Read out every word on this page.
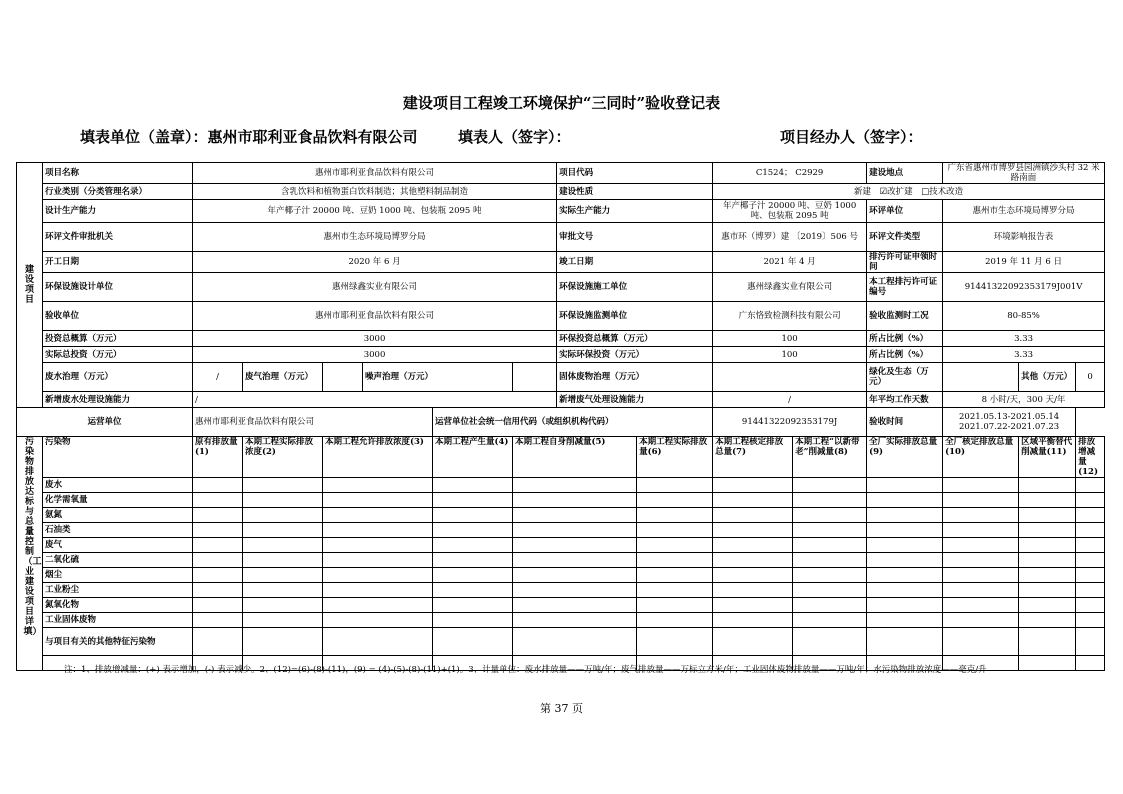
建设项目工程竣工环境保护“三同时”验收登记表
填表单位（盖章）：惠州市耶利亚食品饮料有限公司	填表人（签字）：	项目经办人（签字）：
建设项目	项目名称	惠州市耶利亚食品饮料有限公司						项目代码		C1524； C2929		建设地点	广东省惠州市博罗县园洲镇沙头村 32 米路南面		
	行业类别（分类管理名录）	含乳饮料和植物蛋白饮料制造；其他塑料制品制造						建设性质		新建　☑改扩建　□技术改造					
	设计生产能力	年产椰子汁 20000 吨、豆奶 1000 吨、包装瓶 2095 吨						实际生产能力		年产椰子汁 20000 吨、豆奶 1000 吨、包装瓶 2095 吨		环评单位	惠州市生态环境局博罗分局		
	环评文件审批机关	惠州市生态环境局博罗分局						审批文号		惠市环（博罗）建 〔2019〕506 号		环评文件类型	环境影响报告表		
	开工日期	2020 年 6 月						竣工日期		2021 年 4 月		排污许可证申领时间	2019 年 11 月 6 日		
	环保设施设计单位	惠州绿鑫实业有限公司						环保设施施工单位		惠州绿鑫实业有限公司		本工程排污许可证编号	91441322092353179J001V		
	验收单位	惠州市耶利亚食品饮料有限公司						环保设施监测单位		广东恪致检测科技有限公司		验收监测时工况	80-85%		
	投资总概算（万元）	3000						环保投资总概算（万元）		100		所占比例（%）	3.33		
	实际总投资（万元）	3000						实际环保投资（万元）		100		所占比例（%）	3.33		
	废水治理（万元）	/	废气治理（万元）		噪声治理（万元）			固体废物治理（万元）				绿化及生态（万元）		其他（万元）	0
	新增废水处理设施能力	/						新增废气处理设施能力		/		年平均工作天数	8 小时/天，300 天/年		
运营单位		惠州市耶利亚食品饮料有限公司				运营单位社会统一信用代码（或组织机构代码）				91441322092353179J		验收时间	2021.05.13-2021.05.14 2021.07.22-2021.07.23		
污染物排放达标与总量控制（工业建设项目详填）	污染物	原有排放量(1)	本期工程实际排放浓度(2)	本期工程允许排放浓度(3)		本期工程产生量(4)	本期工程自身削减量(5)		本期工程实际排放量(6)	本期工程核定排放总量(7)	本期工程“以新带老”削减量(8)	全厂实际排放总量(9)	全厂核定排放总量(10)	区域平衡替代削减量(11)	排放增减量(12)
	废水														
	化学需氧量														
	氨氮														
	石油类														
	废气														
	二氧化硫														
	烟尘														
	工业粉尘														
	氮氧化物														
	工业固体废物														
	与项目有关的其他特征污染物														

注：1、排放增减量：(+) 表示增加，(-) 表示减少。2、(12)=(6)-(8)-(11)，(9) = (4)-(5)-(8)-(11)+(1)。3、计量单位：废水排放量——万吨/年；废气排放量——万标立方米/年；工业固体废物排放量——万吨/年；水污染物排放浓度——毫克/升
第 37 页
